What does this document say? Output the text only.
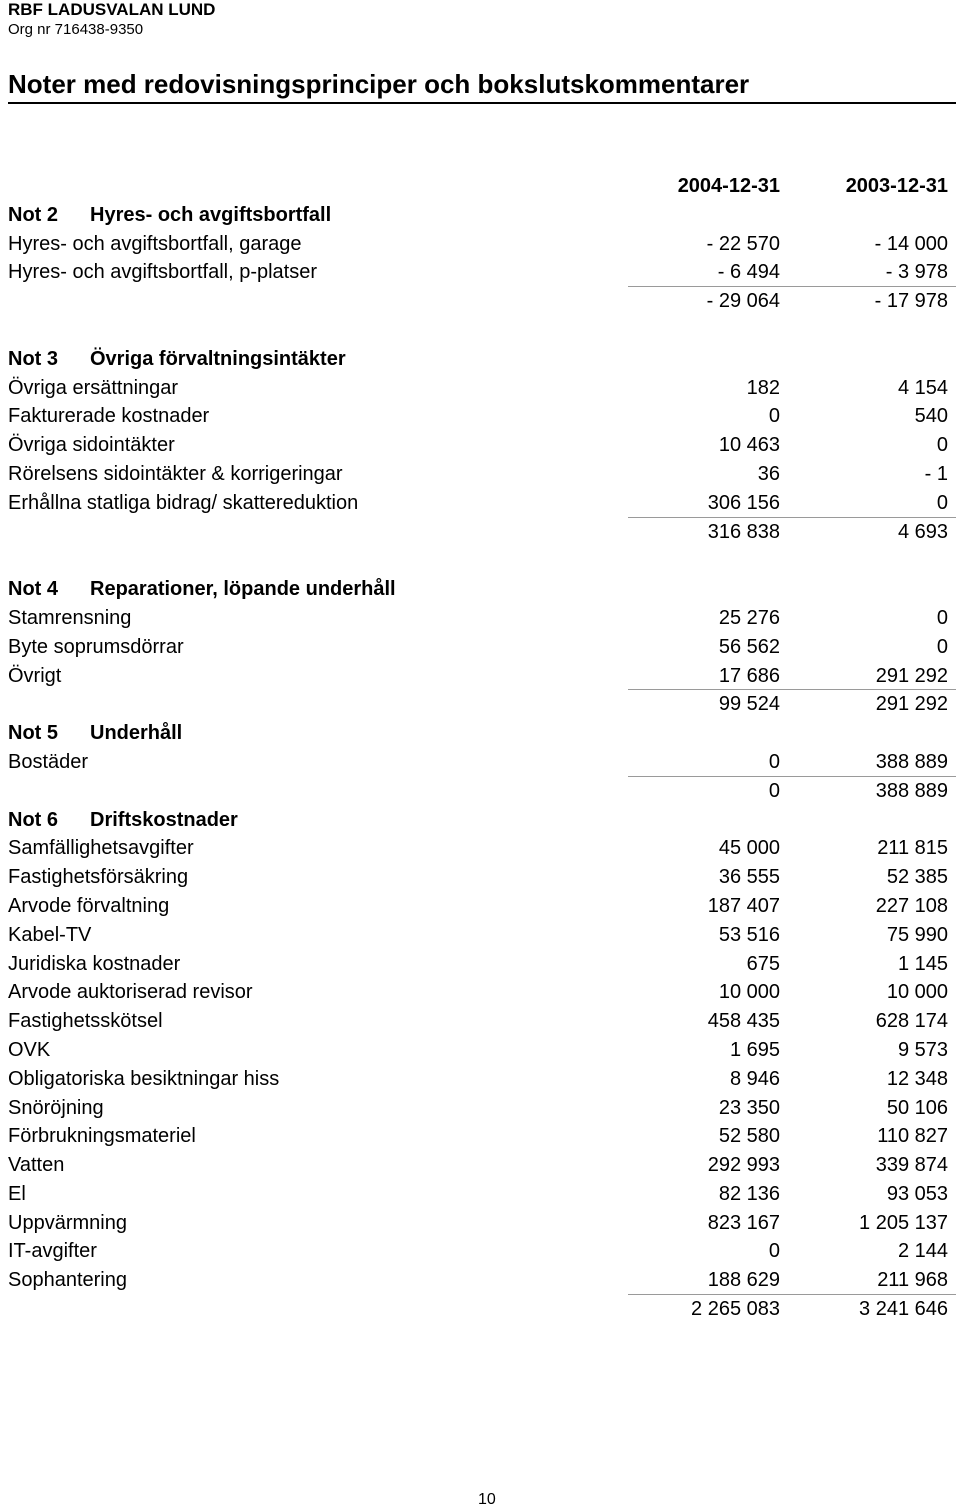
RBF LADUSVALAN LUND
Org nr 716438-9350
Noter med redovisningsprinciper och bokslutskommentarer
2004-12-31	2003-12-31
Not 2 Hyres- och avgiftsbortfall
Hyres- och avgiftsbortfall, garage	- 22 570	- 14 000
Hyres- och avgiftsbortfall, p-platser	- 6 494	- 3 978
- 29 064	- 17 978
Not 3 Övriga förvaltningsintäkter
Övriga ersättningar	182	4 154
Fakturerade kostnader	0	540
Övriga sidointäkter	10 463	0
Rörelsens sidointäkter & korrigeringar	36	- 1
Erhållna statliga bidrag/ skattereduktion	306 156	0
316 838	4 693
Not 4 Reparationer, löpande underhåll
Stamrensning	25 276	0
Byte soprumsdörrar	56 562	0
Övrigt	17 686	291 292
99 524	291 292
Not 5 Underhåll
Bostäder	0	388 889
0	388 889
Not 6 Driftskostnader
Samfällighetsavgifter	45 000	211 815
Fastighetsförsäkring	36 555	52 385
Arvode förvaltning	187 407	227 108
Kabel-TV	53 516	75 990
Juridiska kostnader	675	1 145
Arvode auktoriserad revisor	10 000	10 000
Fastighetsskötsel	458 435	628 174
OVK	1 695	9 573
Obligatoriska besiktningar hiss	8 946	12 348
Snöröjning	23 350	50 106
Förbrukningsmateriel	52 580	110 827
Vatten	292 993	339 874
El	82 136	93 053
Uppvärmning	823 167	1 205 137
IT-avgifter	0	2 144
Sophantering	188 629	211 968
2 265 083	3 241 646
10
